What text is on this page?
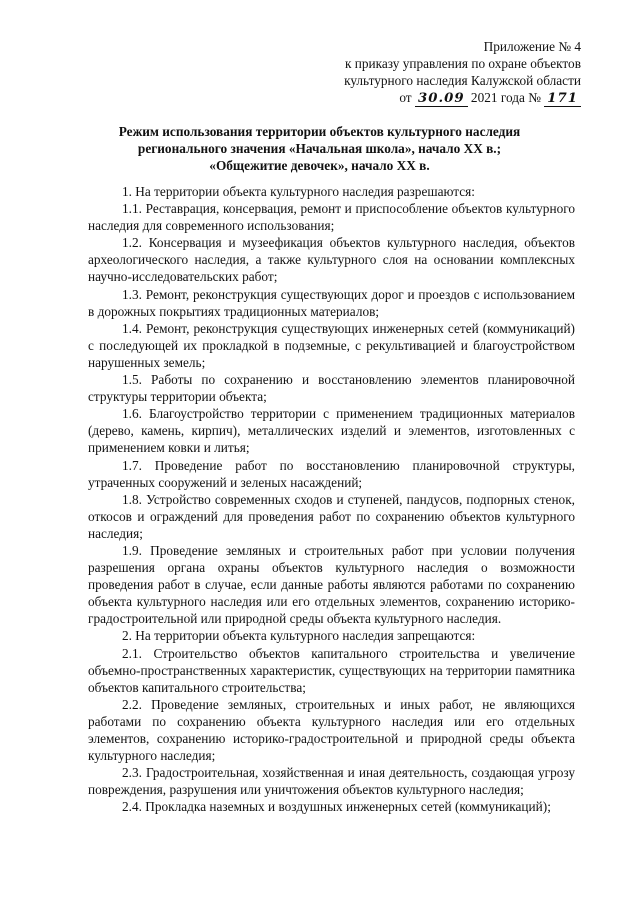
Приложение № 4
к приказу управления по охране объектов
культурного наследия Калужской области
от 30.09 2021 года № 171
Режим использования территории объектов культурного наследия
регионального значения «Начальная школа», начало XX в.;
«Общежитие девочек», начало XX в.

1. На территории объекта культурного наследия разрешаются:

1.1. Реставрация, консервация, ремонт и приспособление объектов культурного наследия для современного использования;

1.2. Консервация и музеефикация объектов культурного наследия, объектов археологического наследия, а также культурного слоя на основании комплексных научно-исследовательских работ;

1.3. Ремонт, реконструкция существующих дорог и проездов с использованием в дорожных покрытиях традиционных материалов;

1.4. Ремонт, реконструкция существующих инженерных сетей (коммуникаций) с последующей их прокладкой в подземные, с рекультивацией и благоустройством нарушенных земель;

1.5. Работы по сохранению и восстановлению элементов планировочной структуры территории объекта;

1.6. Благоустройство территории с применением традиционных материалов (дерево, камень, кирпич), металлических изделий и элементов, изготовленных с применением ковки и литья;

1.7. Проведение работ по восстановлению планировочной структуры, утраченных сооружений и зеленых насаждений;

1.8. Устройство современных сходов и ступеней, пандусов, подпорных стенок, откосов и ограждений для проведения работ по сохранению объектов культурного наследия;

1.9. Проведение земляных и строительных работ при условии получения разрешения органа охраны объектов культурного наследия о возможности проведения работ в случае, если данные работы являются работами по сохранению объекта культурного наследия или его отдельных элементов, сохранению историко-градостроительной или природной среды объекта культурного наследия.

2. На территории объекта культурного наследия запрещаются:

2.1. Строительство объектов капитального строительства и увеличение объемно-пространственных характеристик, существующих на территории памятника объектов капитального строительства;

2.2. Проведение земляных, строительных и иных работ, не являющихся работами по сохранению объекта культурного наследия или его отдельных элементов, сохранению историко-градостроительной и природной среды объекта культурного наследия;

2.3. Градостроительная, хозяйственная и иная деятельность, создающая угрозу повреждения, разрушения или уничтожения объектов культурного наследия;

2.4. Прокладка наземных и воздушных инженерных сетей (коммуникаций);
